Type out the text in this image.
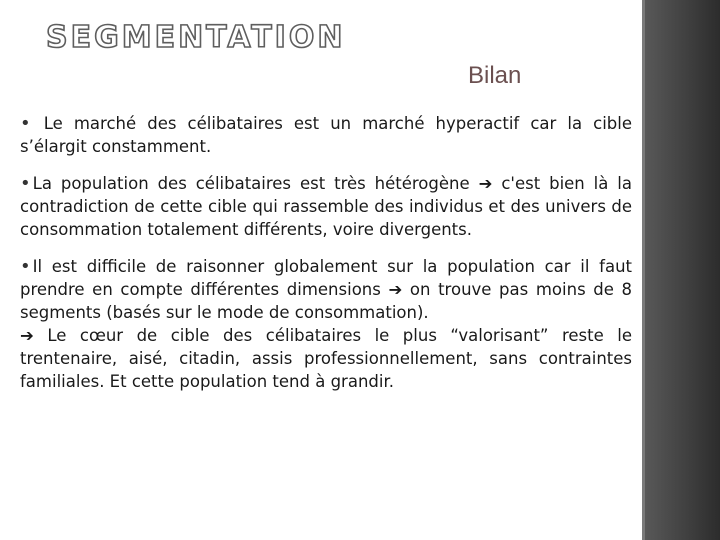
SEGMENTATION
Bilan

• Le marché des célibataires est un marché hyperactif car la cible s’élargit constamment.

• La population des célibataires est très hétérogène ➔ c'est bien là la contradiction de cette cible qui rassemble des individus et des univers de consommation totalement différents, voire divergents.

• Il est difficile de raisonner globalement sur la population car il faut prendre en compte différentes dimensions ➔ on trouve pas moins de 8 segments (basés sur le mode de consommation).
➔ Le cœur de cible des célibataires le plus “valorisant” reste le trentenaire, aisé, citadin, assis professionnellement, sans contraintes familiales. Et cette population tend à grandir.
